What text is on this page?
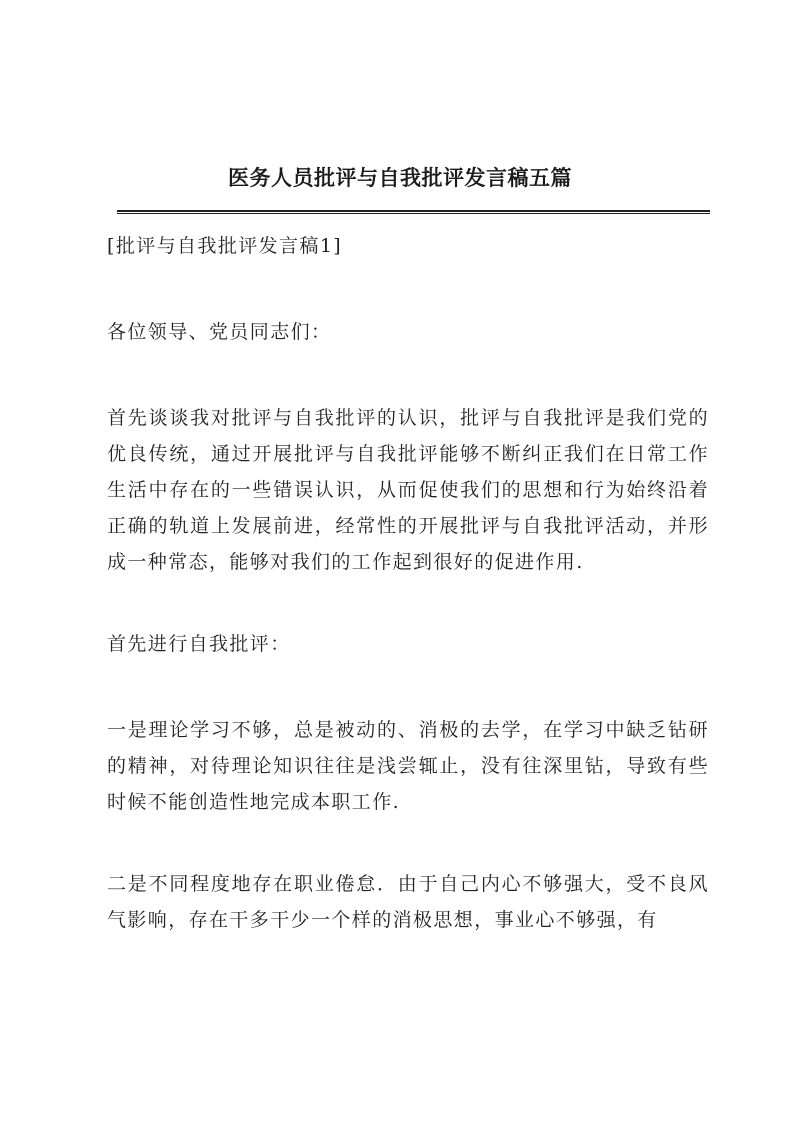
医务人员批评与自我批评发言稿五篇

[批评与自我批评发言稿1]

各位领导、党员同志们：

首先谈谈我对批评与自我批评的认识，批评与自我批评是我们党的优良传统，通过开展批评与自我批评能够不断纠正我们在日常工作生活中存在的一些错误认识，从而促使我们的思想和行为始终沿着正确的轨道上发展前进，经常性的开展批评与自我批评活动，并形成一种常态，能够对我们的工作起到很好的促进作用.

首先进行自我批评：

一是理论学习不够，总是被动的、消极的去学，在学习中缺乏钻研的精神，对待理论知识往往是浅尝辄止，没有往深里钻，导致有些时候不能创造性地完成本职工作.

二是不同程度地存在职业倦怠．由于自己内心不够强大，受不良风气影响，存在干多干少一个样的消极思想，事业心不够强，有
